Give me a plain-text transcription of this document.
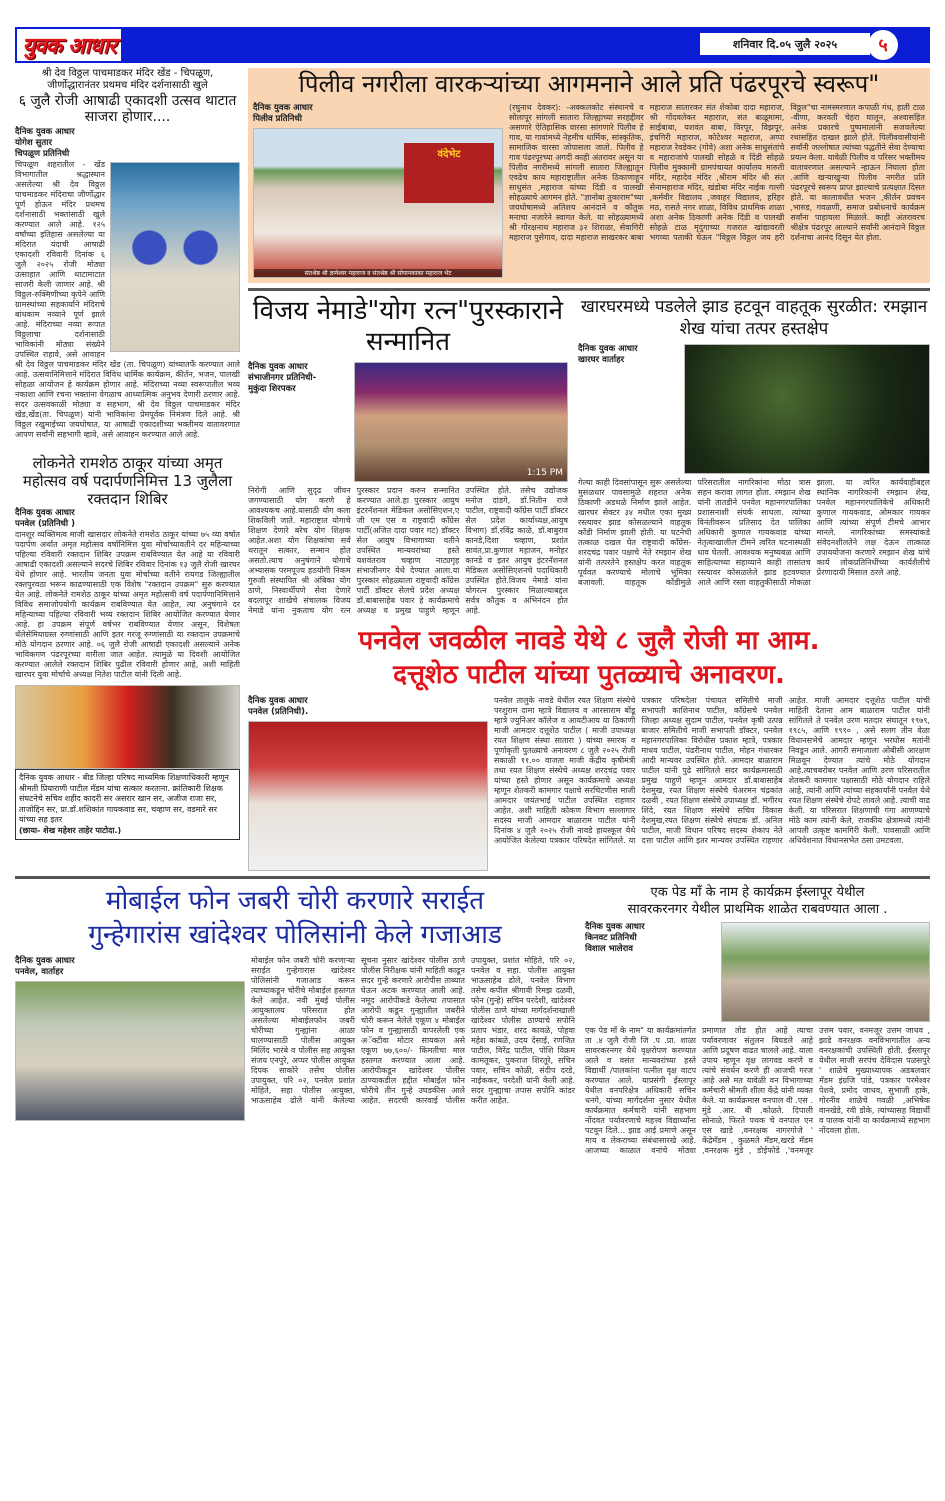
युवक आधार	शनिवार दि.०५ जुलै २०२५	५
श्री देव विठ्ठल पाचमाडकर मंदिर खेंड - चिपळूण,
जीर्णोद्धारानंतर प्रथमच मंदिर दर्शनासाठी खुले
६ जुलै रोजी आषाढी एकादशी उत्सव थाटात साजरा होणार....
दैनिक युवक आधार
योगेश सुतार
चिपळूण प्रतिनिधी
चिपळूण शहरातील - खेंड विभागातील श्रद्धास्थान असलेल्या श्री देव विठ्ठल पाचमाडकर मंदिराचा जीर्णोद्धार पूर्ण होऊन मंदिर प्रथमच दर्शनासाठी भक्तांसाठी खुले करण्यात आले आहे. १२५ वर्षांच्या इतिहास असलेल्या या मंदिरात यंदाची आषाढी एकादशी रविवारी दिनांक ६ जुलै २०२५ रोजी मोठ्या उत्साहात आणि थाटामाटात साजरी केली जाणार आहे. श्री विठ्ठल-रुक्मिणीच्या कृपेने आणि ग्रामस्थांच्या सहकार्याने मंदिराचे बांधकाम नव्याने पूर्ण झाले आहे. मंदिराच्या नव्या रूपात विठ्ठलाचा दर्शनासाठी भाविकांनी मोठ्या संख्येने उपस्थित राहावे, असे आवाहन श्री देव विठ्ठल पाचमाडकर मंदिर खेंड (ता. चिपळूण) यांच्यातर्फे करण्यात आले आहे. उत्सवानिमित्ताने मंदिरात विविध धार्मिक कार्यक्रम, कीर्तन, भजन, पालखी सोहळा आयोजन हे कार्यक्रम होणार आहे. मंदिराच्या नव्या स्वरूपातील भव्य नकाशा आणि रचना भक्तांना वेगळाच आध्यात्मिक अनुभव देणारी ठरणार आहे. सदर उत्सवकाळी मोठ्या व सहभाग, श्री देव विठ्ठल पाचमाडकर मंदिर खेंड,खेंड(ता. चिपळूण) यांनी भाविकांना प्रेमपूर्वक निमंत्रण दिले आहे. श्री विठ्ठल रखुमाईच्या जयघोषात, या आषाढी एकादशीच्या भक्तीमय वातावरणात आपण सर्वांनी सहभागी व्हावे, असे आवाहन करण्यात आले आहे.
लोकनेते रामशेठ ठाकूर यांच्या अमृत महोत्सव वर्ष पदार्पणनिमित्त 13 जुलैला रक्तदान शिबिर
दैनिक युवक आधार
पनवेल (प्रतिनिधी )
दानशूर व्यक्तिमत्व माजी खासदार लोकनेते रामशेठ ठाकूर यांच्या ७५ व्या वर्षात पदार्पण अर्थात अमृत महोत्सव वर्षानिमित्त युवा मोर्चाच्यावतीने दर महिन्याच्या पहिल्या रविवारी रक्तदान शिबिर उपक्रम राबविण्यात येत आहे या रविवारी आषाढी एकादशी असल्याने सदरचे शिबिर रविवार दिनांक १३ जुलै रोजी खारघर येथे होणार आहे. भारतीय जनता युवा मोर्चाच्या वतीने रायगड जिल्ह्यातील रक्तपुरवठा भरून काढण्यासाठी एक विशेष "रक्तदान उपक्रम" सुरु करण्यात येत आहे. लोकनेते रामशेठ ठाकूर यांच्या अमृत महोत्सवी वर्ष पदार्पणानिमित्ताने विविध समाजोपयोगी कार्यक्रम राबविण्यात येत आहेत, त्या अनुषंगाने दर महिन्याच्या पहिल्या रविवारी भव्य रक्तदान शिबिर आयोजित करण्यात येणार आहे. हा उपक्रम संपूर्ण वर्षभर राबविण्यात येणार असून, विशेषतः थॅलेसेमियाग्रस्त रुग्णांसाठी आणि इतर गरजू रुग्णांसाठी या रक्तदान उपक्रमाचे मोठे योगदान ठरणार आहे. ०६ जुलै रोजी आषाढी एकादशी असल्याने अनेक भाविकगण पंढरपूरच्या वारीला जात आहेत. त्यामुळे या दिवशी आयोजित करण्यात आलेले रक्तदान शिबिर पुढील रविवारी होणार आहे, अशी माहिती खारघर युवा मोर्चाचे अध्यक्ष नितेश पाटील यांनी दिली आहे.
दैनिक युवक आधार - बीड जिल्हा परिषद माध्यमिक शिक्षणाधिकारी म्हणून श्रीमती प्रियाराणी पाटील मॅडम यांचा सत्कार करताना. क्रांतिकारी शिक्षक संघटनेचे सचिव शहीद कादरी सर असरार खान सर, अजीज राजा सर, ताजोद्दिन सर, प्रा.डॉ.शशिकांत गायकवाड सर, चव्हाण सर, वडमारे सर यांच्या सह इतर
(छाया- शेख महेशर ताहेर पाटोदा.)
पिलीव नगरीला वारकऱ्यांच्या आगमनाने आले प्रति पंढरपूरचे स्वरूप"
दैनिक युवक आधार
पिलीव प्रतिनिधी
वंदेभेट
संतश्रेष्ठ श्री ज्ञानेश्वर महाराज व संतश्रेष्ठ श्री सोपानकाका महाराज भेट
(रघुनाथ देवकर): -अक्कलकोट संस्थानचे व सोलापूर सांगली सातारा जिल्ह्याच्या सरहद्दीवर असणारे ऐतिहासिक वारसा सांगणारे पिलीव हे गाव, या गावांमध्ये नेहमीच धार्मिक, सांस्कृतिक, सामाजिक वारसा जोपासला जातो. पिलीव हे गाव पंढरपूरच्या अगदी काही अंतरावर असून या पिलीव नगरीमध्ये सांगली सातारा जिल्ह्यातून एवढेच काय महाराष्ट्रातील अनेक ठिकाणाहून साधुसंत ,महाराज यांच्या दिंडी व पालखी सोहळ्याचे आगमन होते. "ज्ञानोबा तुकाराम"च्या जयघोषामध्ये अतिशय आनंदाने व कौतुक मनाचा नजारेने स्वागत केले. या सोहळ्यामध्ये श्री गोरक्षनाथ महाराज ३२ शिराळा, सेवागिरी महाराज पुसेगाव, दादा महाराज साखरकर बाबा महाराज सातारकर संत शेकोबा दादा महाराज, श्री गोंदवलेकर महाराज, संत बाळूमामा, साईबाबा, यशवंत बाबा, विरपूर, विझपूर, इंचगिरी महाराज, कोटेश्वर महाराज, अप्पा महाराज रेवडेकर (गोवे) अशा अनेक साधुसंतांचे व महाराजांचे पालखी सोहळे व दिंडी सोहळे पिलीव मुक्कामी ग्रामपंचायत कार्यालय मारुती मंदिर, महादेव मंदिर ,श्रीराम मंदिर श्री संत सेनामहाराज मंदिर, खंडोबा मंदिर नाईक गल्ली ,कर्मवीर विद्यालय ,जवाहर विद्यालय, हरिहर मठ, रासते नगर शाळा, विविध प्राथमिक शाळा अशा अनेक ठिकाणी अनेक दिंडी व पालखी सोहळे टाळ मृदुंगाच्या गजरात खांद्यावरती भगव्या पताकी घेऊन "विठ्ठल विठ्ठल जय हरी विठ्ठल"चा नामस्मरणात कपाळी गंध, हाती टाळ -वीणा, करवती चेहरा घालून, अश्वासहित अनेक प्रकारचे पुष्पमालांनी सजवलेल्या रथासहित दाखल झाले होते. पिलीववासीयांनी सर्वांनी जल्लोषात त्यांच्या पद्धतीने सेवा देण्याचा प्रयत्न केला. यावेळी पिलीव व परिसर भक्तीमय वातावरणात असल्याने न्हाऊन निघाला होता .आणि खऱ्याखुऱ्या पिलीव नगरीत प्रति पंढरपूरचे स्वरूप प्राप्त झाल्याचे प्रत्यक्षात दिसत होते. या कालावधीत भजन ,कीर्तन प्रवचन ,भारुड, गवळणी, समाज प्रबोधनाचे कार्यक्रम सर्वांना पाहायला मिळाले. काही अंतरावरच श्रीक्षेत्र पंढरपूर आल्याने सर्वांनी आनंदाने विठ्ठल दर्शनाचा आनंद दिसून येत होता.
विजय नेमाडे"योग रत्न"पुरस्काराने सन्मानित
दैनिक युवक आधार
संभाजीनगर प्रतिनिधी-
मुकुंदा शिरपकर
1:15 PM
निरोगी आणि सुदृढ जीवन जगण्यासाठी योग करणे हे आवश्यकच आहे.यासाठी योग कला शिकविली जाते. महाराष्ट्रात योगाचे शिक्षण देणारे बरेच योग शिक्षक आहेत.अशा योग शिक्षकांचा सर्व थरातून सत्कार, सन्मान होत असतो.त्याच अनुषंगाने योगाचे अभ्यासक परमपूज्य हठयोगी निकम गुरुजी संस्थापित श्री अंबिका योग ठाणे, निस्वार्थीपणे सेवा देणारे बदलापूर शाखेचे संचालक विजय नेमाडे यांना नुकताच योग रत्न पुरस्कार प्रदान करुन सन्मानित करण्यात आले.हा पुरस्कार आयुष इंटरनॅशनल मेडिकल असोसिएशन,ए जी एम एस व राष्ट्रवादी काँग्रेस पार्टी(अजित दादा पवार गट) डॉक्टर सेल आयुष विभागाच्या वतीने उपस्थित मान्यवरांच्या हस्ते यशवंतराव चव्हाण नाट्यगृह संभाजीनगर येथे देण्यात आला.या पुरस्कार सोहळ्याला राष्ट्रवादी काँग्रेस पार्टी डॉक्टर सेलचे प्रदेश अध्यक्ष डॉ.बाबासाहेब पवार हे कार्यक्रमाचे अध्यक्ष व प्रमुख पाहुणे म्हणून उपस्थित होते. तसेच उद्योजक मनोज दांडगे, डॉ.नितीन राजे पाटील, राष्ट्रवादी काँग्रेस पार्टी डॉक्टर सेल प्रदेश कार्याध्यक्ष,आयुष विभाग) डॉ.रविंद्र काळे, डॉ.बाबुराव कानडे,दिशा चव्हाण, प्रशांत सावंत,प्रा.कुणाल महाजन, मनोहर कानडे व इतर आयुष इंटरनॅशनल मेडिकल असोसिएशनचे पदाधिकारी उपस्थित होते.विजय नेमाडे यांना योगरत्न पुरस्कार मिळाल्याबद्दल सर्वत्र कौतुक व अभिनंदन होत आहे.
खारघरमध्ये पडलेले झाड हटवून वाहतूक सुरळीत: रमझान शेख यांचा तत्पर हस्तक्षेप
दैनिक युवक आधार
खारघर वार्ताहर
गेल्या काही दिवसांपासून सुरू असलेल्या मुसळधार पावसामुळे शहरात अनेक ठिकाणी अडथळे निर्माण झाले आहेत. खारघर सेक्टर ३४ मधील एका मुख्य रस्त्यावर झाड कोसळल्याने वाहतूक कोंडी निर्माण झाली होती. या घटनेची तत्काळ दखल घेत राष्ट्रवादी काँग्रेस-शरदचंद्र पवार पक्षाचे नेते रमझान शेख यांनी तत्परतेने हस्तक्षेप करत वाहतूक पूर्ववत करण्याचे मोलाचे भूमिका बजावली. वाहतूक कोंडीमुळे परिसरातील नागरिकांना मोठा त्रास सहन करावा लागत होता. रमझान शेख यांनी तातडीने पनवेल महानगरपालिका प्रशासनाशी संपर्क साधला. त्यांच्या विनंतीवरून प्रतिसाद देत पालिका अधिकारी कुणाल गायकवाड यांच्या नेतृत्वाखालील टीमने त्वरित घटनास्थळी धाव घेतली. आवश्यक मनुष्यबळ आणि साहित्याच्या सहाय्याने काही तासांतच रस्त्यावर कोसळलेले झाड हटवण्यात आले आणि रस्ता वाहतुकीसाठी मोकळा झाला. या त्वरित कार्यवाहीबद्दल स्थानिक नागरिकांनी रमझान शेख, पनवेल महानगरपालिकेचे अधिकारी कुणाल गायकवाड, ओमकार गायकर आणि त्यांच्या संपूर्ण टीमचे आभार मानले. नागरिकांच्या समस्यांकडे संवेदनशीलतेने लक्ष देऊन तात्काळ उपाययोजना करणारे रमझान शेख यांचे कार्य लोकप्रतिनिधींच्या कार्यशैलीचे प्रेरणादायी मिसाल ठरले आहे.
पनवेल जवळील नावडे येथे ८ जुलै रोजी मा आम.
दत्तूशेठ पाटील यांच्या पुतळ्याचे अनावरण.
दैनिक युवक आधार
पनवेल (प्रतिनिधी).
पनवेल तालुके नावडे येथील रयत शिक्षण संस्थेचे परशुराम दामा म्हात्रे विद्यालय व आरसाराम बोंडू म्हात्रे ज्युनिअर कॉलेज व आयटीआय या ठिकाणी माजी आमदार दत्तूशेठ पाटील ( माजी उपाध्यक्ष रयत शिक्षण संस्था सातारा ) यांच्या स्मारक व पूर्णाकृती पुतळ्याचे अनावरण ८ जुलै २०२५ रोजी सकाळी ११.०० वाजता माजी केंद्रीय कृषीमंत्री तथा रयत शिक्षण संस्थेचे अध्यक्ष शरदचंद्र पवार यांच्या हस्ते होणार असून कार्यक्रमाचे अध्यक्ष म्हणून शेतकरी कामगार पक्षाचे सरचिटणीस माजी आमदार जयंतभाई पाटील उपस्थित राहणार आहेत. अशी माहिती कोकण विभाग सल्लागार सदस्य माजी आमदार बाळाराम पाटील यांनी दिनांक ४ जुलै २०२५ रोजी नावडे हायस्कूल येथे आयोजित केलेल्या पत्रकार परिषदेत सांगितले. या पत्रकार परिषदेला पंचायत समितीचे माजी सभापती काशिनाथ पाटील, काँग्रेसचे पनवेल जिल्हा अध्यक्ष सुदाम पाटील, पनवेल कृषी उत्पन्न बाजार समितीचे माजी सभापती डॉक्टर, पनवेल महानगरपालिका विरोधीस प्रकाश म्हात्रे, पत्रकार माधव पाटील, पंढरीनाथ पाटील, मोहन गंधारकर आदी मान्यवर उपस्थित होते. आमदार बाळाराम पाटील यांनी पुढे सांगितले सदर कार्यक्रमासाठी प्रमुख पाहुणे म्हणून आमदार डॉ.बाबासाहेब देशमुख, रयत शिक्षण संस्थेचे चेअरमन चंद्रकांत दळवी , रयत शिक्षण संस्थेचे उपाध्यक्ष डॉ. भगीरथ शिंदे, रयत शिक्षण संस्थेचे सचिव विकास देशमुख,रयत शिक्षण संस्थेचे संघटक डॉ. अनिल पाटील, माजी विधान परिषद सदस्य शेकाप नेते दत्ता पाटील आणि इतर मान्यवर उपस्थित राहणार आहेत. माजी आमदार दत्तूशेठ पाटील यांची माहिती देताना आम बाळाराम पाटील यांनी सांगितले ते पनवेल उरण मतदार संघातून १९७९, १९८५, आणि १९९० , असे सलग तीन वेळा विधानसभेचे आमदार म्हणून भरघोस मतांनी निवडून आले. आगरी समाजाला ओबीसी आरक्षण मिळवून देण्यात त्यांचे मोठे योगदान आहे.त्याचबरोबर पनवेल आणि उरण परिसरातील शेतकरी कामगार पक्षासाठी मोठे योगदान राहिले आहे, त्यांनी आणि त्यांच्या सहकार्यांनी पनवेल येथे रयत शिक्षण संस्थेचे रोपटे लावले आहे. त्याची वाढ केली. या परिसरात शिक्षणाची गंगा आणण्याचे मोठे काम त्यांनी केले, राजकीय क्षेत्रामध्ये त्यांनी आपली उत्कृष्ट कामगिरी केली. पावसाळी आणि अधिवेशनात विधानसभेत ठसा उमटवला.
मोबाईल फोन जबरी चोरी करणारे सराईत
गुन्हेगारांस खांदेश्वर पोलिसांनी केले गजाआड
दैनिक युवक आधार
पनवेल, वार्ताहर
मोबाईल फोन जबरी चोरी करणाऱ्या सराईत गुन्हेगारास खांदेश्वर पोलिसांनी गजाआड करून त्याच्याकडून चोरीचे मोबाईल हस्तगत केले आहेत. नवी मुंबई पोलीस आयुक्तालय परिसरात होत असलेल्या मोबाईलफोन जबरी चोरीच्या गुन्ह्यांना आळा घालण्यासाठी पोलीस आयुक्त मिलिंद भारंबे व पोलीस सह आयुक्त संजय एनपुरे, अप्पर पोलीस आयुक्त दिपक साकोरे तसेच पोलीस उपायुक्त, परि ०२, पनवेल प्रशांत मोहिते, सहा पोलीस आयुक्त, भाऊसाहेब ढोले यांनी केलेल्या सूचना नुसार खांदेश्वर पोलीस ठाणे पोलीस निरीक्षक यांनी माहिती काढून सदर गुन्हे करणारे आरोपीस ताब्यात घेऊन अटक करण्यात आली आहे. नमूद आरोपीकडे केलेल्या तपासात आरोपी कडून गुन्ह्यातील जबरीने चोरी करून नेलेले एकूण ४ मोबाईल फोन व गुन्ह्यासाठी वापरलेली एक अॅक्टीवा मोटार सायकल असे एकूण ७७,६००/- किंमतीचा माल हस्तगत करण्यात आला आहे. आरोपीकडून खांदेश्वर पोलीस ठाण्याकडील हद्दीत मोबाईल फोन चोरीचे तीन गुन्हे उघडकीस आले आहेत. सदरची कारवाई पोलीस उपायुक्त, प्रशांत मोहिते, परि ०२, पनवेल व सहा. पोलीस आयुक्त भाऊसाहेब ढोले, पनवेल विभाग तसेच कपील श्रीगावी रिमझ दळवी, फोन (गुन्हे) सचिन परदेशी, खांदेश्वर पोलीस ठाणे यांच्या मार्गदर्शनाखाली खांदेश्वर पोलीस ठाण्याचे सपोनि प्रताप भंडार, शरद कावळे, पोहवा महेश कांबळे, उदय देसाई, रणजित पाटील, विरेंद्र पाटील, पोशि विक्रम कामतूकर, पुकराज शिरतूरे, सचिन पवार, सचिन कोळी, संदीप दरडे, नाईककर, परदेशी यांनी केली आहे. सदर गुन्ह्याचा तपास सपोनि कांडर करीत आहेत.
एक पेड माँ के नाम हे कार्यक्रम ईस्लापूर येथील
सावरकरनगर येथील प्राथमिक शाळेत राबवण्यात आला .
दैनिक युवक आधार
किनवट प्रतिनिधी
विशाल भालेराव
एक पेड माँ के नाम" या कार्यक्रमांतर्गत ता .४ जुलै रोजी जि .प .प्रा. शाळा सावरकरनगर येथे वृक्षरोपण करण्यात आले व वसंत मान्यवरांच्या हस्ते विद्यार्थी /पालकांना पत्नील वृक्ष वाटप करण्यात आले. याप्रसंगी ईस्लापूर येथील वनपरिक्षेत्र अधिकारी सचिन धनगे, यांच्या मार्गदर्शना नुसार येथील कार्यक्रमात कर्मचारी यांनी सहभाग नोंदवत पर्यावरणाचे महत्त्व विद्यार्थ्यांना पटवून दिले... झाड आई प्रमाणे असून माय व लेकराच्या संबंधासारखे आहे. आजच्या काळात वनांचे मोठ्या प्रमाणात तोड होत आहे त्याचा पर्यावरणावर संतुलन बिघडले आहे आणि प्रदूषण वाढत चालले आहे. याला उपाय म्हणून वृक्ष लागवड करणे व त्यांचे संवर्धन करणे ही आजची गरज आहे असे मत यावेळी वन विभागाच्या कर्मचारी श्रीमती शीला केंद्रे यांनी व्यक्त केले. या कार्यक्रमास वनपाल वी .एस . मुंडे .आर. बी .कोळते. दिपाली सोनाळे, फिरते पथक चे वनपाल एन एस खाडे ,वनरक्षक नागरगोजे ' केंद्रेमॅडम , कुळमते मॅडम,खरडे मॅडम ,वनरक्षक मुंडे , डोईफोडे ,'वनमजूर उत्तम पवार, वनमजूर उत्तम जाधव , झाडे वनरक्षक वनविभागातील अन्य वनरक्षकांची उपस्थिती होती. ईस्लापूर येथील माजी सरपंच देविदास पळसपुरे ' शाळेचे मुख्याध्यापक अडबलवार मॅडम इंग्रजि पांडे, पत्रकार परमेश्वर पेशवे, प्रमोद जाधव, सुभाजी हाके, गोरनीव शाळेचे गवळी ,अभिषेक वानखेडे, रवी डोके, त्यांच्यासह विद्यार्थी व पालक यांनी या कार्यक्रमाध्ये सहभाग नोंदवला होता.
